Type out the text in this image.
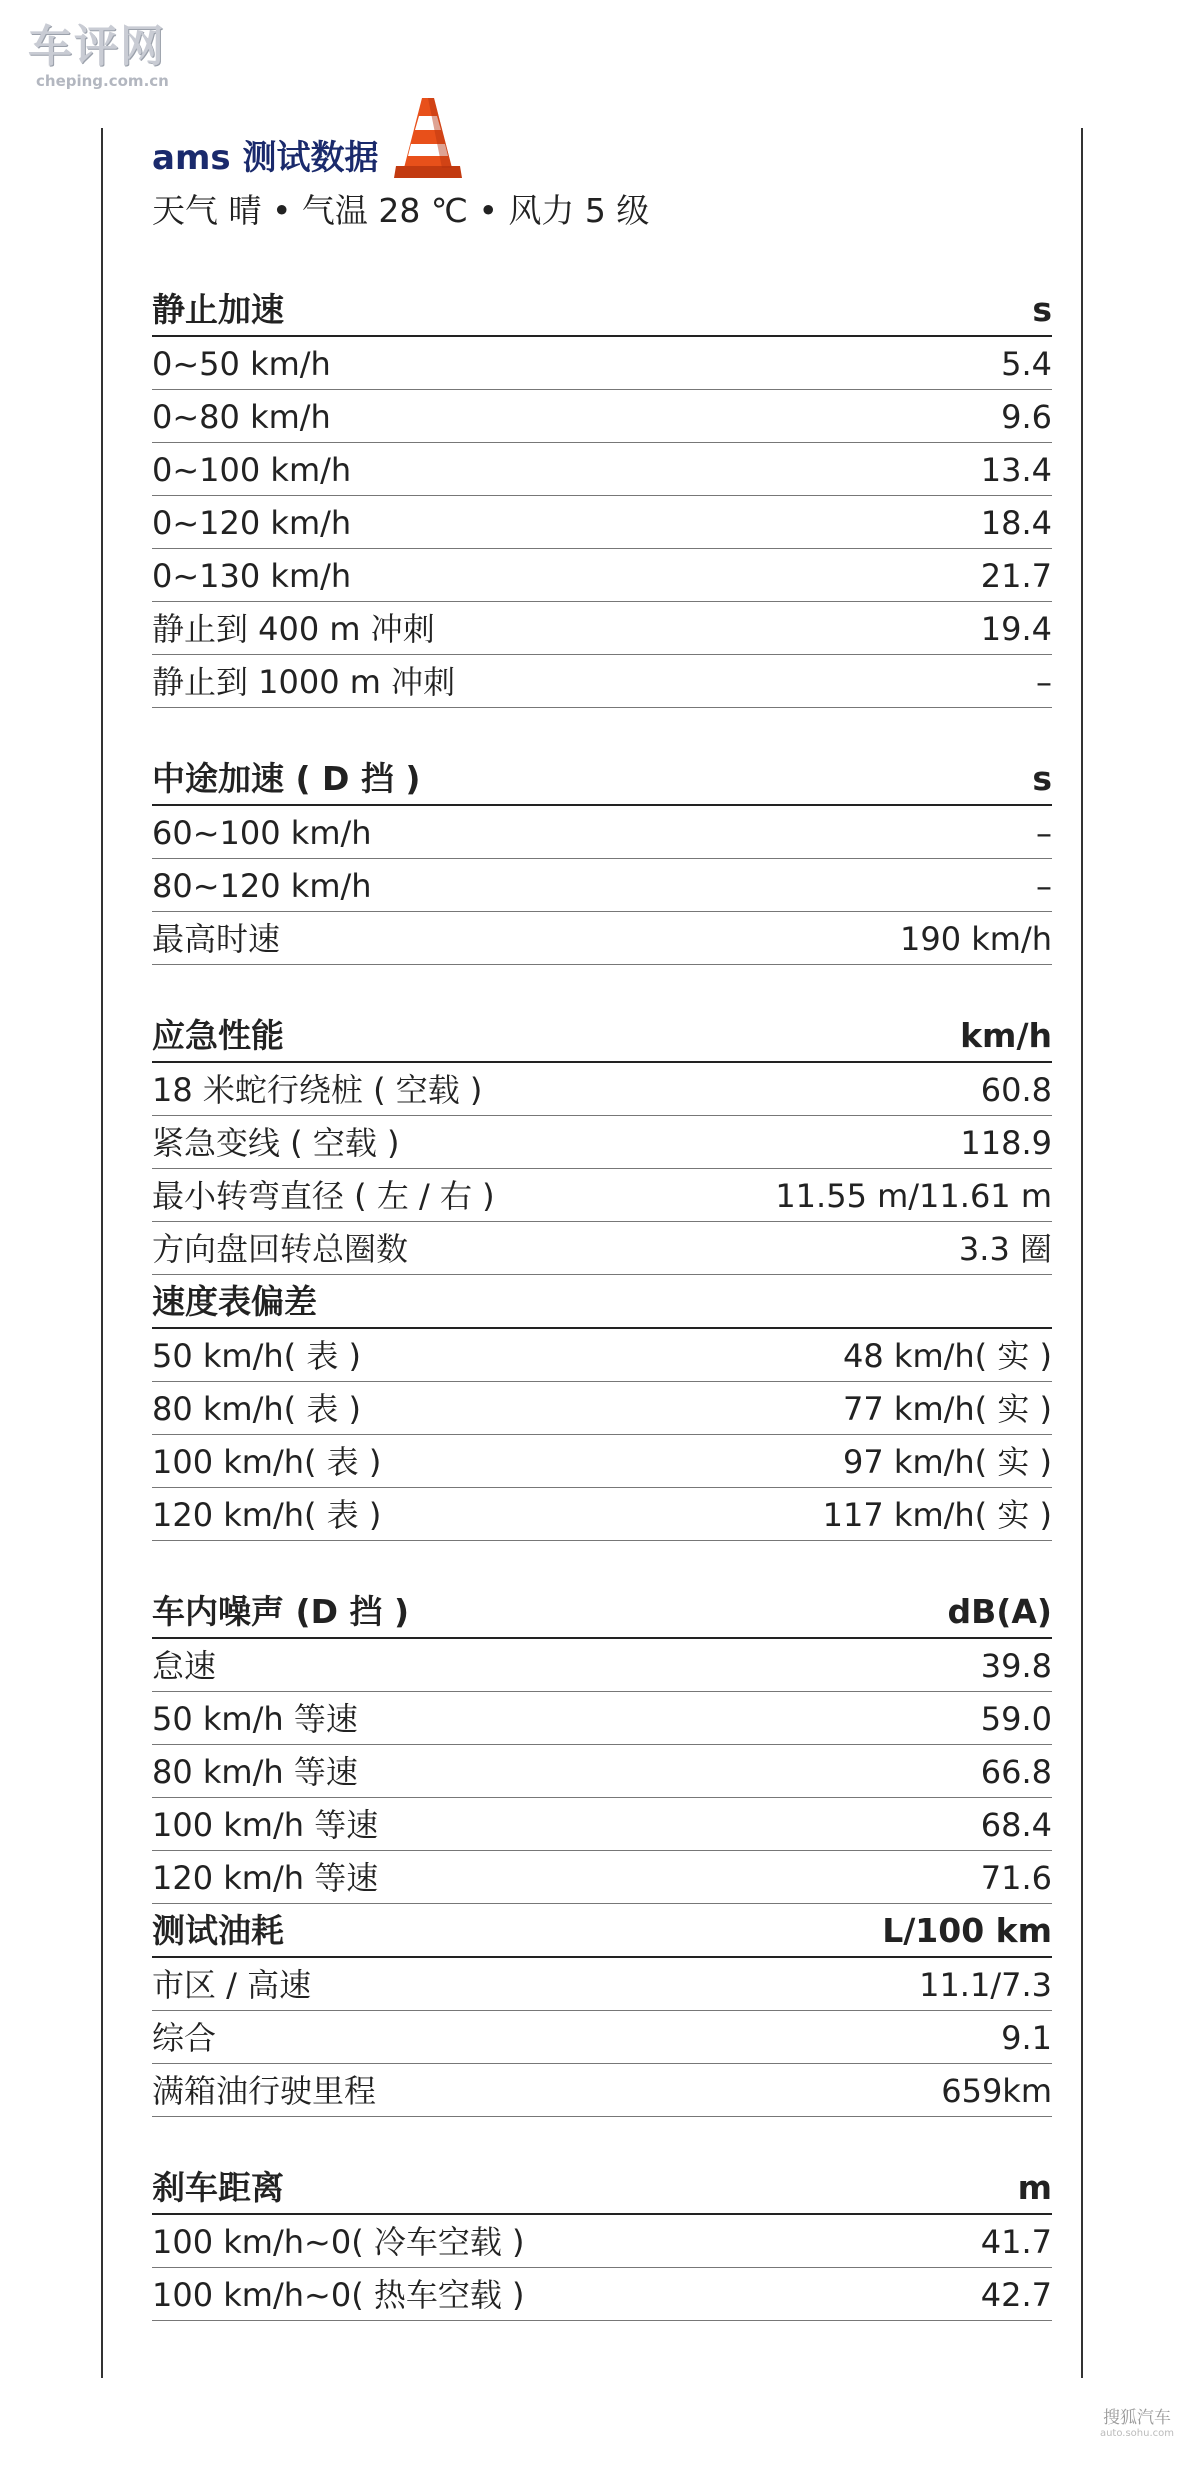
车评网
cheping.com.cn
ams 测试数据
天气 晴 • 气温 28 ℃ • 风力 5 级
静止加速	s
0~50 km/h	5.4
0~80 km/h	9.6
0~100 km/h	13.4
0~120 km/h	18.4
0~130 km/h	21.7
静止到 400 m 冲刺	19.4
静止到 1000 m 冲刺	–
中途加速 ( D 挡 )	s
60~100 km/h	–
80~120 km/h	–
最高时速	190 km/h
应急性能	km/h
18 米蛇行绕桩 ( 空载 )	60.8
紧急变线 ( 空载 )	118.9
最小转弯直径 ( 左 / 右 )	11.55 m/11.61 m
方向盘回转总圈数	3.3 圈
速度表偏差
50 km/h( 表 )	48 km/h( 实 )
80 km/h( 表 )	77 km/h( 实 )
100 km/h( 表 )	97 km/h( 实 )
120 km/h( 表 )	117 km/h( 实 )
车内噪声 (D 挡 )	dB(A)
怠速	39.8
50 km/h 等速	59.0
80 km/h 等速	66.8
100 km/h 等速	68.4
120 km/h 等速	71.6
测试油耗	L/100 km
市区 / 高速	11.1/7.3
综合	9.1
满箱油行驶里程	659km
刹车距离	m
100 km/h~0( 冷车空载 )	41.7
100 km/h~0( 热车空载 )	42.7
搜狐汽车
auto.sohu.com
